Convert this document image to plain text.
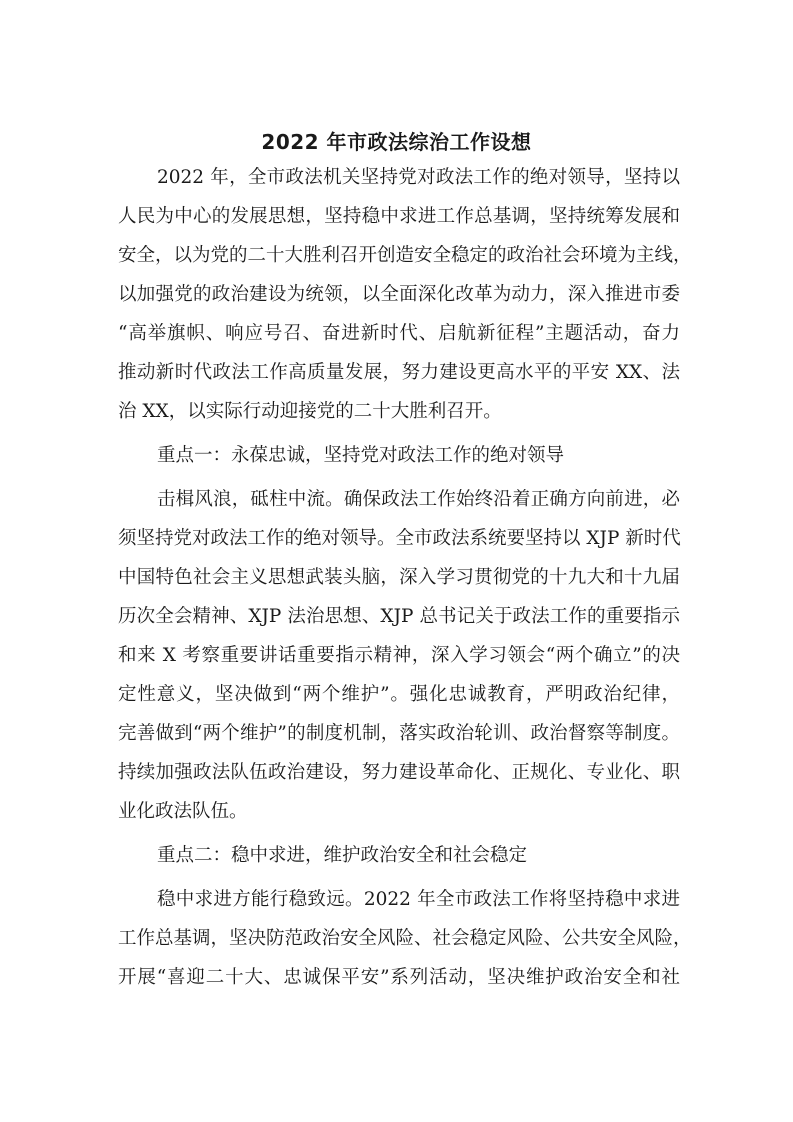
2022 年市政法综治工作设想

2022 年，全市政法机关坚持党对政法工作的绝对领导，坚持以

人民为中心的发展思想，坚持稳中求进工作总基调，坚持统筹发展和

安全，以为党的二十大胜利召开创造安全稳定的政治社会环境为主线，

以加强党的政治建设为统领，以全面深化改革为动力，深入推进市委

“高举旗帜、响应号召、奋进新时代、启航新征程”主题活动，奋力

推动新时代政法工作高质量发展，努力建设更高水平的平安 XX、法

治 XX，以实际行动迎接党的二十大胜利召开。

重点一：永葆忠诚，坚持党对政法工作的绝对领导

击楫风浪，砥柱中流。确保政法工作始终沿着正确方向前进，必

须坚持党对政法工作的绝对领导。全市政法系统要坚持以 XJP 新时代

中国特色社会主义思想武装头脑，深入学习贯彻党的十九大和十九届

历次全会精神、XJP 法治思想、XJP 总书记关于政法工作的重要指示

和来 X 考察重要讲话重要指示精神，深入学习领会“两个确立”的决

定性意义，坚决做到“两个维护”。强化忠诚教育，严明政治纪律，

完善做到“两个维护”的制度机制，落实政治轮训、政治督察等制度。

持续加强政法队伍政治建设，努力建设革命化、正规化、专业化、职

业化政法队伍。

重点二：稳中求进，维护政治安全和社会稳定

稳中求进方能行稳致远。2022 年全市政法工作将坚持稳中求进

工作总基调，坚决防范政治安全风险、社会稳定风险、公共安全风险，

开展“喜迎二十大、忠诚保平安”系列活动，坚决维护政治安全和社
